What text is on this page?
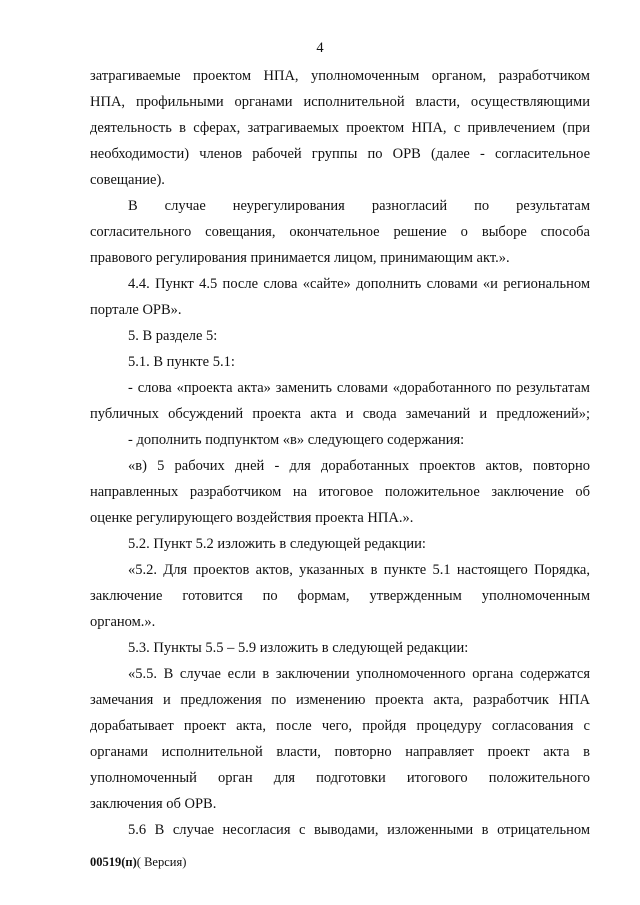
4
затрагиваемые проектом НПА, уполномоченным органом, разработчиком
НПА, профильными органами исполнительной власти, осуществляющими
деятельность в сферах, затрагиваемых проектом НПА, с привлечением (при
необходимости) членов рабочей группы по ОРВ (далее - согласительное
совещание).
В случае неурегулирования разногласий по результатам
согласительного совещания, окончательное решение о выборе способа
правового регулирования принимается лицом, принимающим акт.».
4.4. Пункт 4.5 после слова «сайте» дополнить словами «и региональном
портале ОРВ».
5. В разделе 5:
5.1. В пункте 5.1:
- слова «проекта акта» заменить словами «доработанного по результатам
публичных обсуждений проекта акта и свода замечаний и предложений»;
- дополнить подпунктом «в» следующего содержания:
«в) 5 рабочих дней - для доработанных проектов актов, повторно
направленных разработчиком на итоговое положительное заключение об
оценке регулирующего воздействия проекта НПА.».
5.2. Пункт 5.2 изложить в следующей редакции:
«5.2. Для проектов актов, указанных в пункте 5.1 настоящего Порядка,
заключение готовится по формам, утвержденным уполномоченным
органом.».
5.3. Пункты 5.5 – 5.9 изложить в следующей редакции:
«5.5. В случае если в заключении уполномоченного органа содержатся
замечания и предложения по изменению проекта акта, разработчик НПА
дорабатывает проект акта, после чего, пройдя процедуру согласования с
органами исполнительной власти, повторно направляет проект акта в
уполномоченный орган для подготовки итогового положительного
заключения об ОРВ.
5.6 В случае несогласия с выводами, изложенными в отрицательном
00519(п)( Версия)
